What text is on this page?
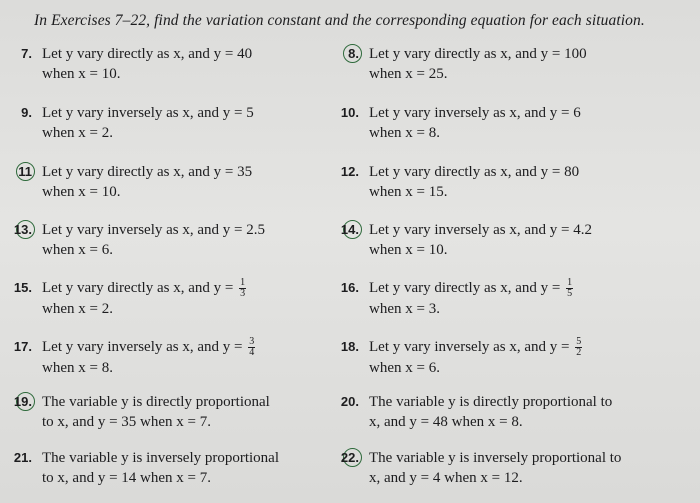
In Exercises 7–22, find the variation constant and the corresponding equation for each situation.
7. Let y vary directly as x, and y = 40
when x = 10.
8. Let y vary directly as x, and y = 100
when x = 25.
9. Let y vary inversely as x, and y = 5
when x = 2.
10. Let y vary inversely as x, and y = 6
when x = 8.
11 Let y vary directly as x, and y = 35
when x = 10.
12. Let y vary directly as x, and y = 80
when x = 15.
13. Let y vary inversely as x, and y = 2.5
when x = 6.
14. Let y vary inversely as x, and y = 4.2
when x = 10.
15. Let y vary directly as x, and $y = \frac{1}{3}$
when x = 2.
16. Let y vary directly as x, and $y = \frac{1}{5}$
when x = 3.
17. Let y vary inversely as x, and $y = \frac{3}{4}$
when x = 8.
18. Let y vary inversely as x, and $y = \frac{5}{2}$
when x = 6.
19. The variable y is directly proportional
to x, and y = 35 when x = 7.
20. The variable y is directly proportional to
x, and y = 48 when x = 8.
21. The variable y is inversely proportional
to x, and y = 14 when x = 7.
22. The variable y is inversely proportional to
x, and y = 4 when x = 12.
